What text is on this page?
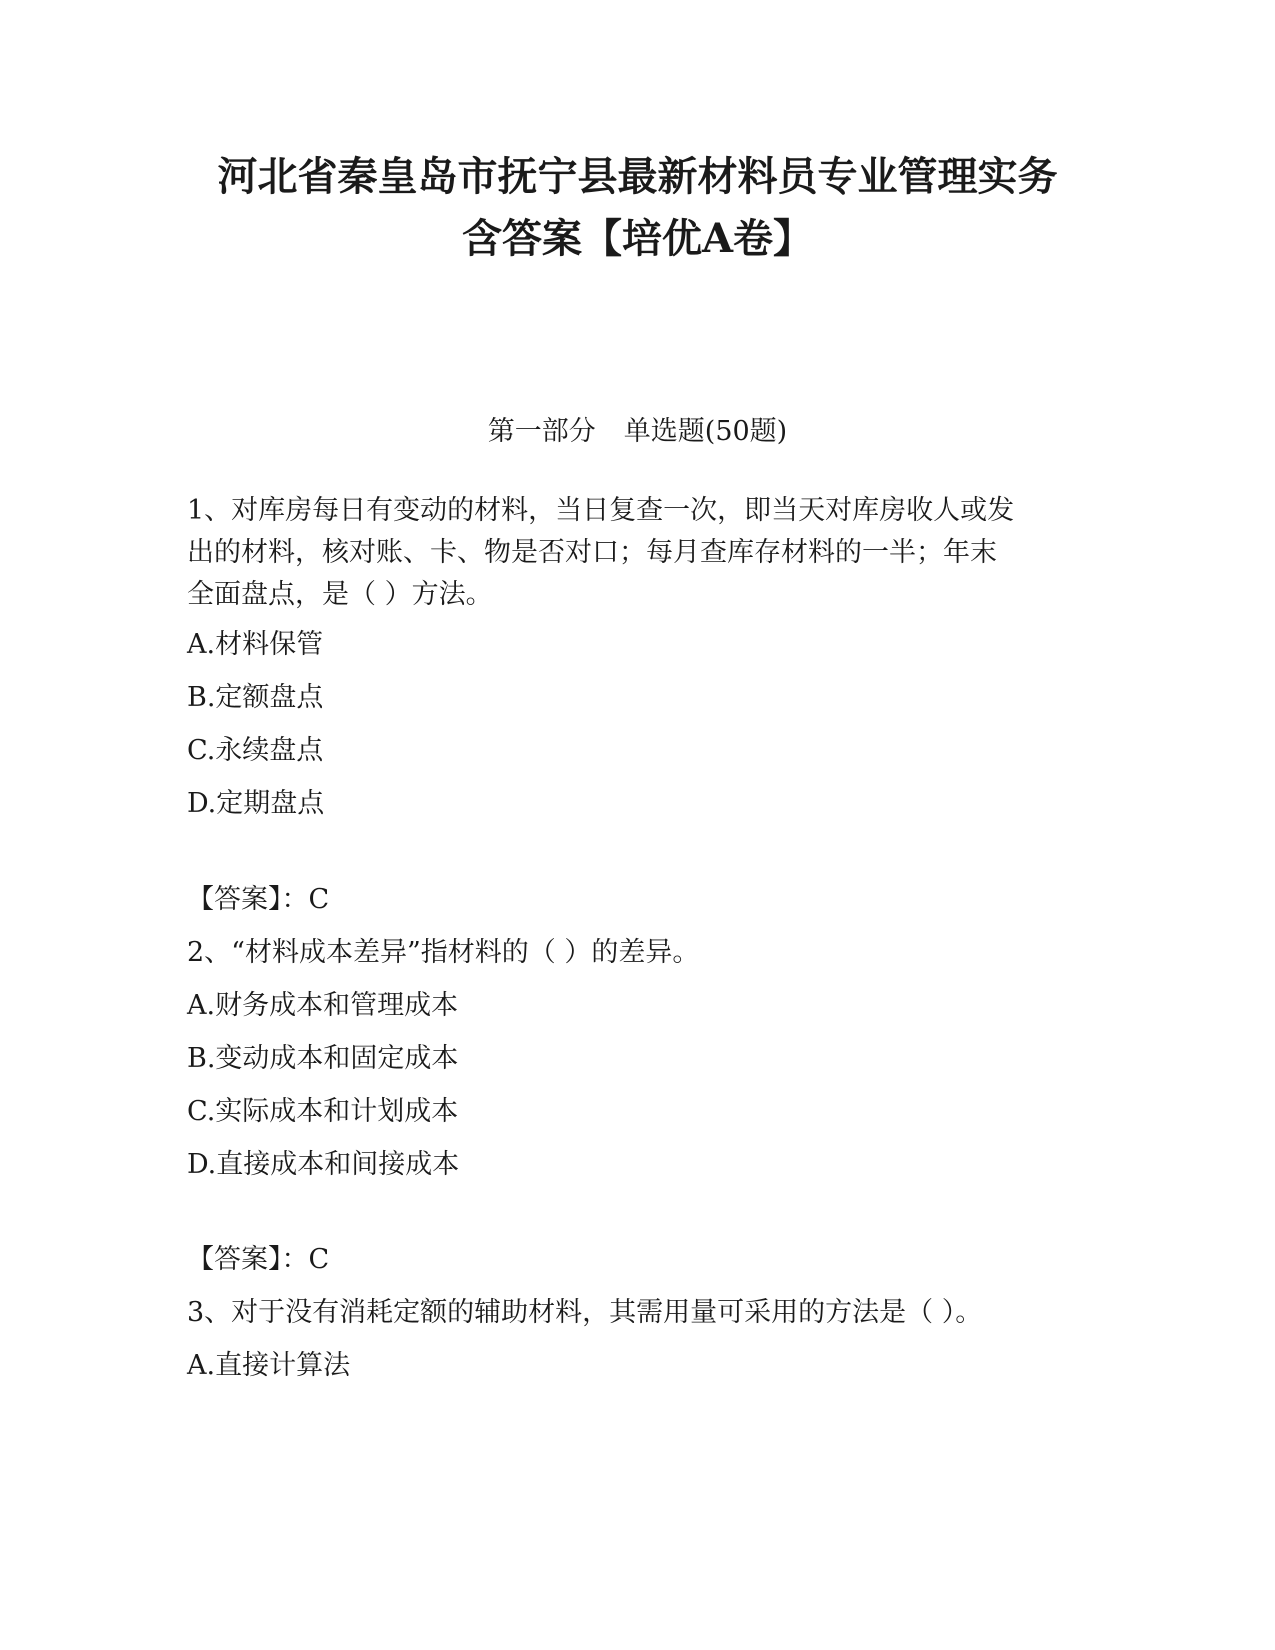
河北省秦皇岛市抚宁县最新材料员专业管理实务
含答案【培优A卷】
第一部分 单选题(50题)
1、对库房每日有变动的材料，当日复查一次，即当天对库房收人或发
出的材料，核对账、卡、物是否对口；每月查库存材料的一半；年末
全面盘点，是（ ）方法。
A.材料保管
B.定额盘点
C.永续盘点
D.定期盘点
【答案】：C
2、“材料成本差异”指材料的（ ）的差异。
A.财务成本和管理成本
B.变动成本和固定成本
C.实际成本和计划成本
D.直接成本和间接成本
【答案】：C
3、对于没有消耗定额的辅助材料，其需用量可采用的方法是（ ）。
A.直接计算法
